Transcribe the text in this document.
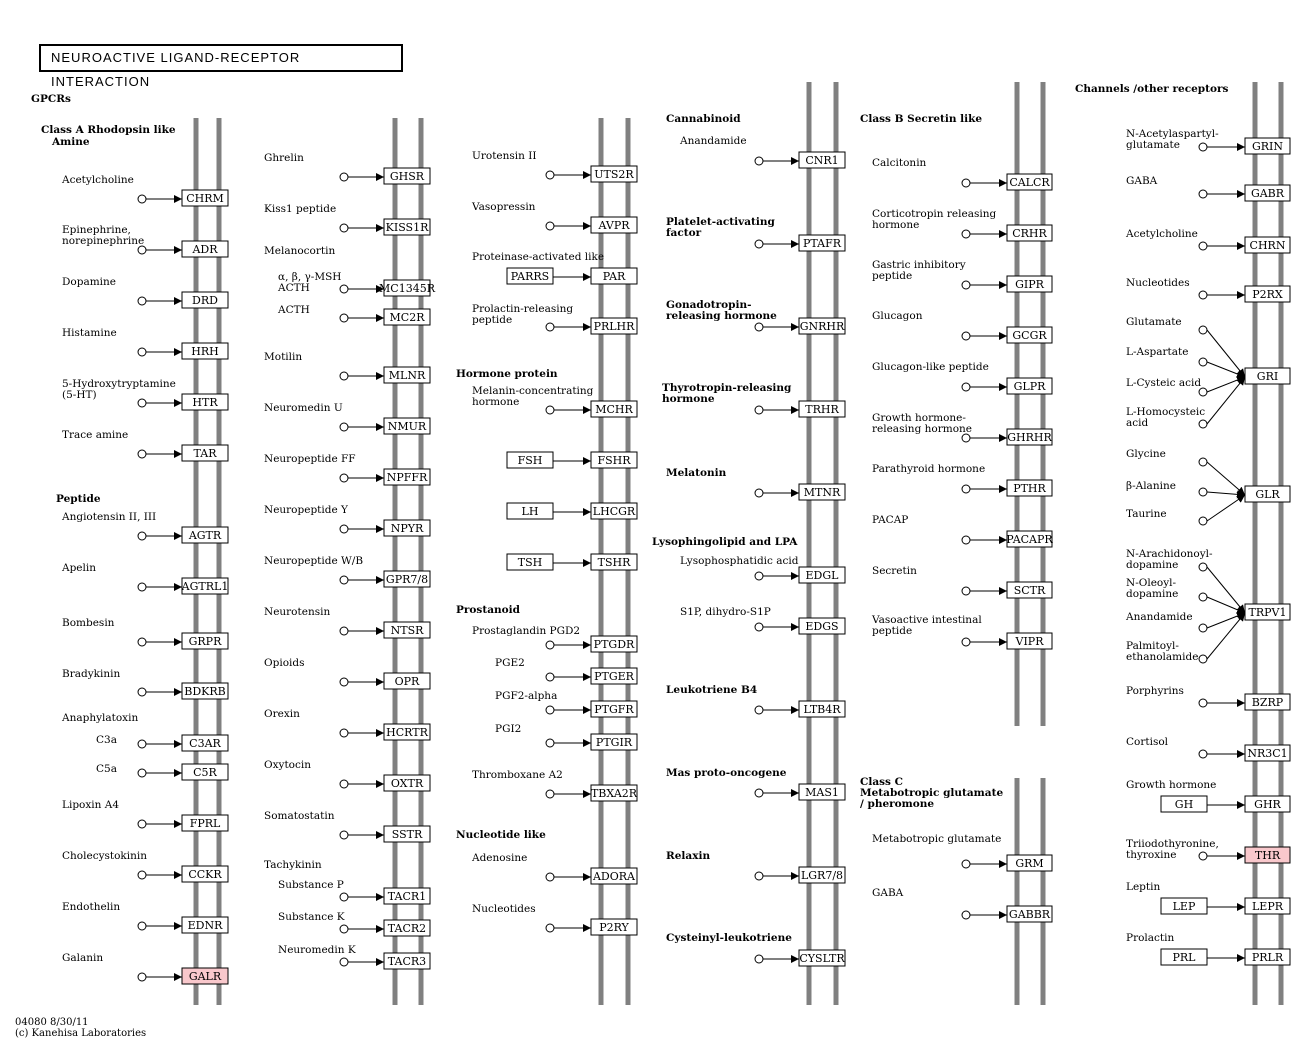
NEUROACTIVE LIGAND-RECEPTOR INTERACTION
CHRM
ADR
DRD
HRH
HTR
TAR
AGTR
AGTRL1
GRPR
BDKRB
C3AR
C5R
FPRL
CCKR
EDNR
GALR
GHSR
KISS1R
MC1345R
MC2R
MLNR
NMUR
NPFFR
NPYR
GPR7/8
NTSR
OPR
HCRTR
OXTR
SSTR
TACR1
TACR2
TACR3
UTS2R
AVPR
PAR
PARRS
PRLHR
MCHR
FSHR
FSH
LHCGR
LH
TSHR
TSH
PTGDR
PTGER
PTGFR
PTGIR
TBXA2R
ADORA
P2RY
CNR1
PTAFR
GNRHR
TRHR
MTNR
EDGL
EDGS
LTB4R
MAS1
LGR7/8
CYSLTR
CALCR
CRHR
GIPR
GCGR
GLPR
GHRHR
PTHR
PACAPR
SCTR
VIPR
GRM
GABBR
GRIN
GABR
CHRN
P2RX
GRI
GLR
TRPV1
BZRP
NR3C1
GHR
GH
THR
LEPR
LEP
PRLR
PRL
GPCRs
Class A Rhodopsin like
Amine
Peptide
Acetylcholine
Epinephrine, norepinephrine
Dopamine
Histamine
5-Hydroxytryptamine (5-HT)
Trace amine
Angiotensin II, III
Apelin
Bombesin
Bradykinin
C3a
C5a
Lipoxin A4
Cholecystokinin
Endothelin
Galanin
Anaphylatoxin
Ghrelin
Kiss1 peptide
α, β, γ-MSH ACTH
ACTH
Motilin
Neuromedin U
Neuropeptide FF
Neuropeptide Y
Neuropeptide W/B
Neurotensin
Opioids
Orexin
Oxytocin
Somatostatin
Substance P
Substance K
Neuromedin K
Melanocortin
Tachykinin
Hormone protein
Prostanoid
Nucleotide like
Urotensin II
Vasopressin
Proteinase-activated like
Prolactin-releasing peptide
Melanin-concentrating hormone
Prostaglandin PGD2
PGE2
PGF2-alpha
PGI2
Thromboxane A2
Adenosine
Nucleotides
Cannabinoid
Anandamide
Platelet-activating factor
Gonadotropin-releasing hormone
Thyrotropin-releasing hormone
Melatonin
Lysophingolipid and LPA
Lysophosphatidic acid
S1P, dihydro-S1P
Leukotriene B4
Mas proto-oncogene
Relaxin
Cysteinyl-leukotriene
Class B Secretin like
Calcitonin
Corticotropin releasing hormone
Gastric inhibitory peptide
Glucagon
Glucagon-like peptide
Growth hormone-releasing hormone
Parathyroid hormone
PACAP
Secretin
Vasoactive intestinal peptide
Class C Metabotropic glutamate / pheromone
Metabotropic glutamate
GABA
Channels /other receptors
N-Acetylaspartyl-glutamate
GABA
Acetylcholine
Nucleotides
Glutamate
L-Aspartate
L-Cysteic acid
L-Homocysteic acid
Glycine
β-Alanine
Taurine
N-Arachidonoyl-dopamine
N-Oleoyl-dopamine
Anandamide
Palmitoyl-ethanolamide
Porphyrins
Cortisol
Growth hormone
Triiodothyronine, thyroxine
Leptin
Prolactin
04080 8/30/11
(c) Kanehisa Laboratories
